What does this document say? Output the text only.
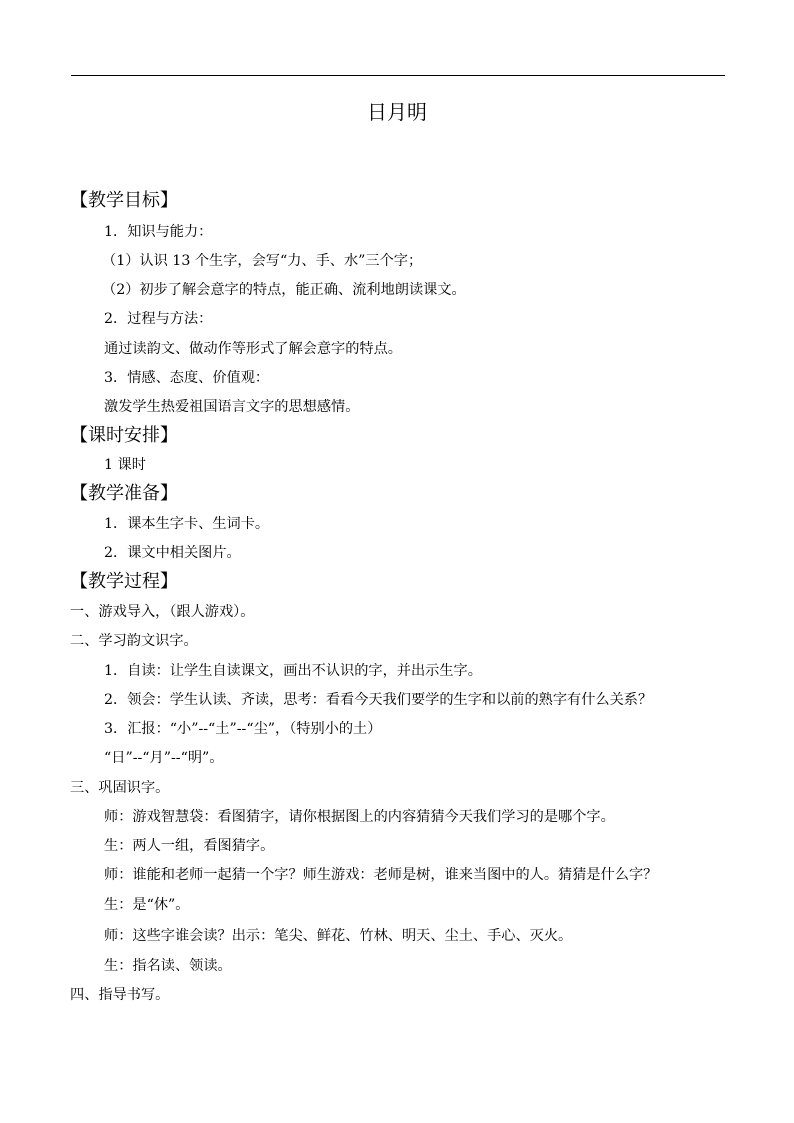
日月明
【教学目标】
1．知识与能力：
（1）认识 13 个生字，会写“力、手、水”三个字；
（2）初步了解会意字的特点，能正确、流利地朗读课文。
2．过程与方法：
通过读韵文、做动作等形式了解会意字的特点。
3．情感、态度、价值观：
激发学生热爱祖国语言文字的思想感情。
【课时安排】
1 课时
【教学准备】
1．课本生字卡、生词卡。
2．课文中相关图片。
【教学过程】
一、游戏导入，（跟人游戏）。
二、学习韵文识字。
1．自读：让学生自读课文，画出不认识的字，并出示生字。
2．领会：学生认读、齐读，思考：看看今天我们要学的生字和以前的熟字有什么关系？
3．汇报：“小”--“土”--“尘”，（特别小的土）
“日”--“月”--“明”。
三、巩固识字。
师：游戏智慧袋：看图猜字，请你根据图上的内容猜猜今天我们学习的是哪个字。
生：两人一组，看图猜字。
师：谁能和老师一起猜一个字？师生游戏：老师是树，谁来当图中的人。猜猜是什么字？
生：是“休”。
师：这些字谁会读？出示：笔尖、鲜花、竹林、明天、尘土、手心、灭火。
生：指名读、领读。
四、指导书写。
